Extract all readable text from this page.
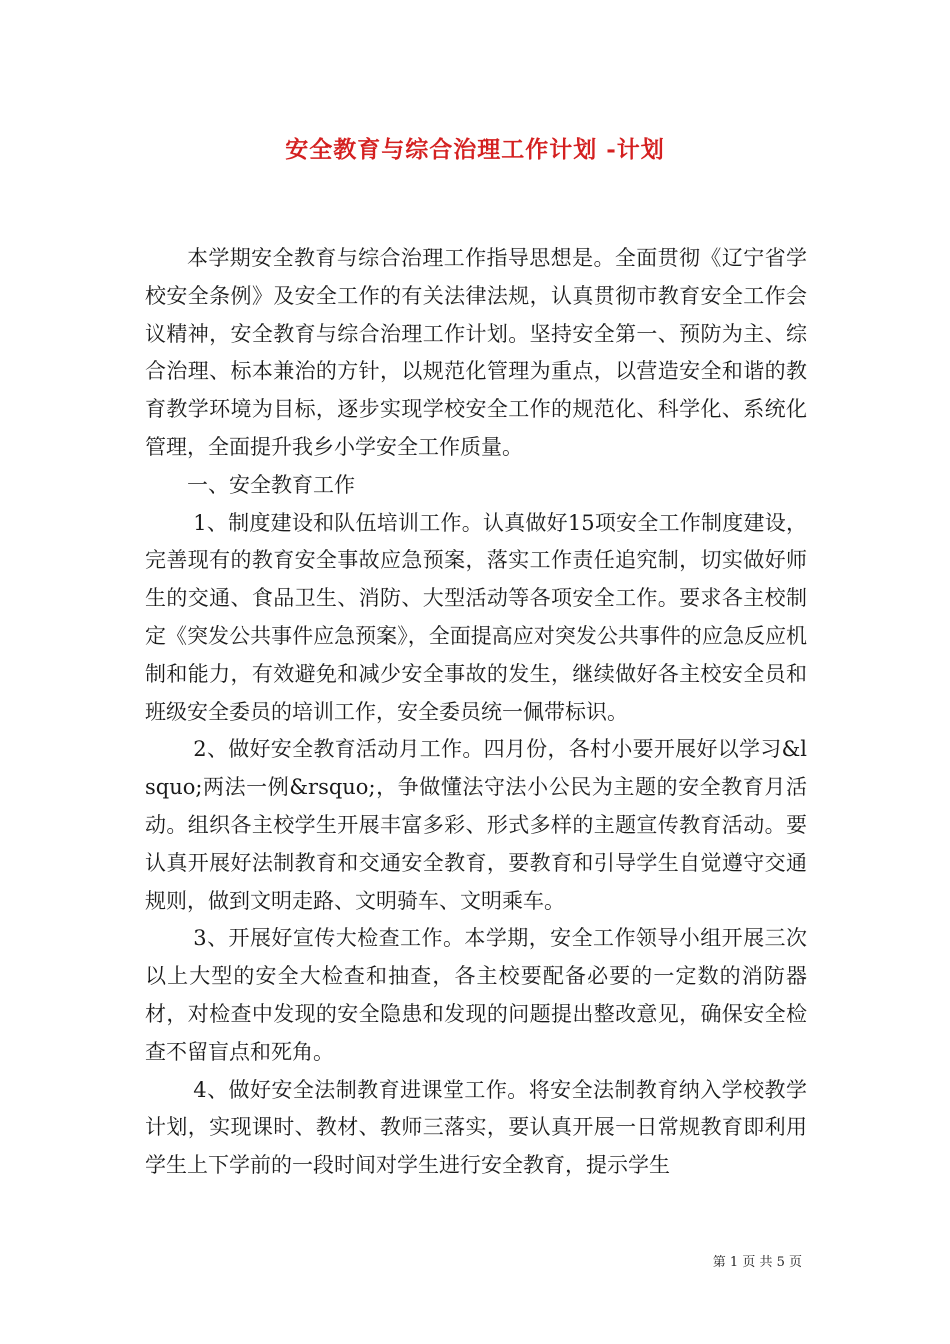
安全教育与综合治理工作计划 -计划

本学期安全教育与综合治理工作指导思想是。全面贯彻《辽宁省学校安全条例》及安全工作的有关法律法规，认真贯彻市教育安全工作会议精神，安全教育与综合治理工作计划。坚持安全第一、预防为主、综合治理、标本兼治的方针，以规范化管理为重点，以营造安全和谐的教育教学环境为目标，逐步实现学校安全工作的规范化、科学化、系统化管理，全面提升我乡小学安全工作质量。

一、安全教育工作

1、制度建设和队伍培训工作。认真做好15项安全工作制度建设，完善现有的教育安全事故应急预案，落实工作责任追究制，切实做好师生的交通、食品卫生、消防、大型活动等各项安全工作。要求各主校制定《突发公共事件应急预案》，全面提高应对突发公共事件的应急反应机制和能力，有效避免和减少安全事故的发生，继续做好各主校安全员和班级安全委员的培训工作，安全委员统一佩带标识。

2、做好安全教育活动月工作。四月份，各村小要开展好以学习&lsquo;两法一例&rsquo;，争做懂法守法小公民为主题的安全教育月活动。组织各主校学生开展丰富多彩、形式多样的主题宣传教育活动。要认真开展好法制教育和交通安全教育，要教育和引导学生自觉遵守交通规则，做到文明走路、文明骑车、文明乘车。

3、开展好宣传大检查工作。本学期，安全工作领导小组开展三次以上大型的安全大检查和抽查，各主校要配备必要的一定数的消防器材，对检查中发现的安全隐患和发现的问题提出整改意见，确保安全检查不留盲点和死角。

4、做好安全法制教育进课堂工作。将安全法制教育纳入学校教学计划，实现课时、教材、教师三落实，要认真开展一日常规教育即利用学生上下学前的一段时间对学生进行安全教育，提示学生

第 1 页 共 5 页
